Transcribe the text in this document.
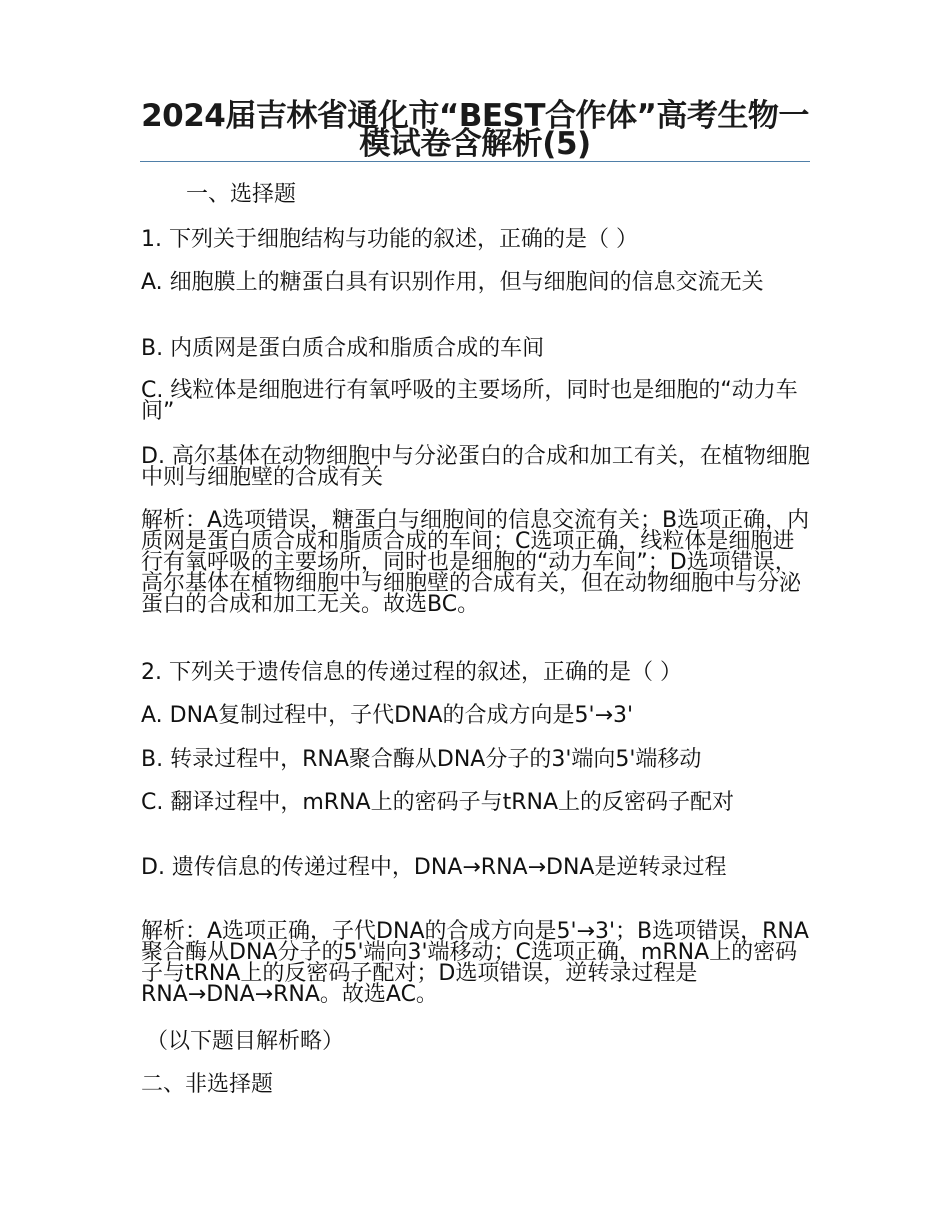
2024届吉林省通化市“BEST合作体”高考生物一模试卷含解析(5)

一、选择题

1. 下列关于细胞结构与功能的叙述，正确的是（ ）

A. 细胞膜上的糖蛋白具有识别作用，但与细胞间的信息交流无关

B. 内质网是蛋白质合成和脂质合成的车间

C. 线粒体是细胞进行有氧呼吸的主要场所，同时也是细胞的“动力车间”

D. 高尔基体在动物细胞中与分泌蛋白的合成和加工有关，在植物细胞中则与细胞壁的合成有关

解析：A选项错误，糖蛋白与细胞间的信息交流有关；B选项正确，内质网是蛋白质合成和脂质合成的车间；C选项正确，线粒体是细胞进行有氧呼吸的主要场所，同时也是细胞的“动力车间”；D选项错误，高尔基体在植物细胞中与细胞壁的合成有关，但在动物细胞中与分泌蛋白的合成和加工无关。故选BC。

2. 下列关于遗传信息的传递过程的叙述，正确的是（ ）

A. DNA复制过程中，子代DNA的合成方向是5'→3'

B. 转录过程中，RNA聚合酶从DNA分子的3'端向5'端移动

C. 翻译过程中，mRNA上的密码子与tRNA上的反密码子配对

D. 遗传信息的传递过程中，DNA→RNA→DNA是逆转录过程

解析：A选项正确，子代DNA的合成方向是5'→3'；B选项错误，RNA聚合酶从DNA分子的5'端向3'端移动；C选项正确，mRNA上的密码子与tRNA上的反密码子配对；D选项错误，逆转录过程是RNA→DNA→RNA。故选AC。

（以下题目解析略）

二、非选择题
